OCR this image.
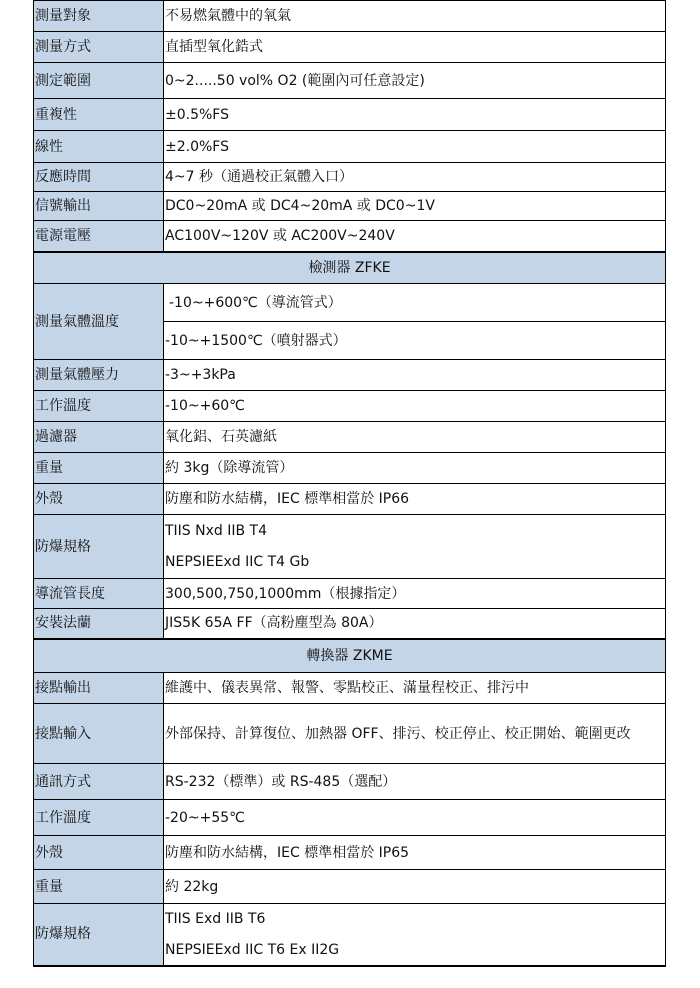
測量對象	不易燃氣體中的氧氣
測量方式	直插型氧化鋯式
測定範圍	0~2.....50 vol% O2 (範圍內可任意設定)
重複性	±0.5%FS
線性	±2.0%FS
反應時間	4~7 秒（通過校正氣體入口）
信號輸出	DC0~20mA 或 DC4~20mA 或 DC0~1V
電源電壓	AC100V~120V 或 AC200V~240V
檢測器 ZFKE	
測量氣體溫度	-10~+600℃（導流管式）
	-10~+1500℃（噴射器式）
測量氣體壓力	-3~+3kPa
工作溫度	-10~+60℃
過濾器	氧化鋁、石英濾紙
重量	約 3kg（除導流管）
外殼	防塵和防水結構，IEC 標準相當於 IP66
防爆規格	TIIS Nxd IIB T4
	NEPSIEExd IIC T4 Gb
導流管長度	300,500,750,1000mm（根據指定）
安裝法蘭	JIS5K 65A FF（高粉塵型為 80A）
轉換器 ZKME	
接點輸出	維護中、儀表異常、報警、零點校正、滿量程校正、排污中
接點輸入	外部保持、計算復位、加熱器 OFF、排污、校正停止、校正開始、範圍更改
通訊方式	RS-232（標準）或 RS-485（選配）
工作溫度	-20~+55℃
外殼	防塵和防水結構，IEC 標準相當於 IP65
重量	約 22kg
防爆規格	TIIS Exd IIB T6
	NEPSIEExd IIC T6 Ex II2G
